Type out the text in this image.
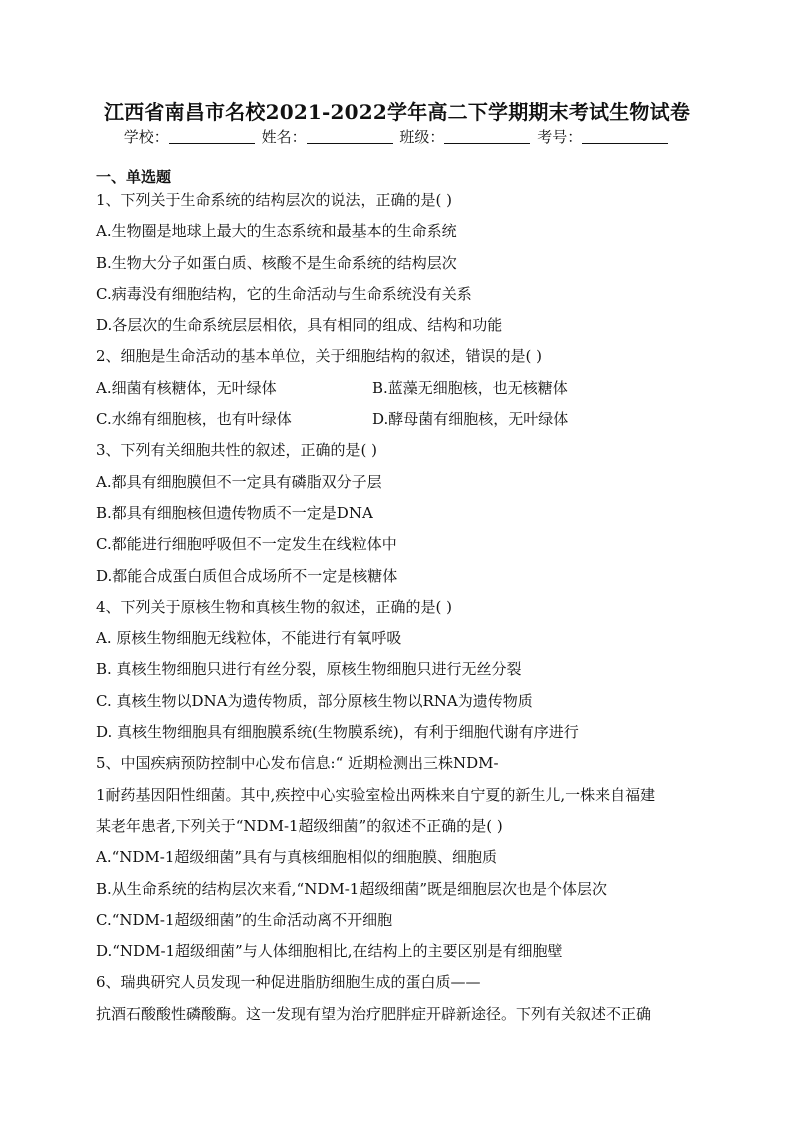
江西省南昌市名校2021-2022学年高二下学期期末考试生物试卷
学校：	姓名：	班级：	考号：
一、单选题
1、下列关于生命系统的结构层次的说法，正确的是( )
A.生物圈是地球上最大的生态系统和最基本的生命系统
B.生物大分子如蛋白质、核酸不是生命系统的结构层次
C.病毒没有细胞结构，它的生命活动与生命系统没有关系
D.各层次的生命系统层层相依，具有相同的组成、结构和功能
2、细胞是生命活动的基本单位，关于细胞结构的叙述，错误的是( )
A.细菌有核糖体，无叶绿体	B.蓝藻无细胞核，也无核糖体
C.水绵有细胞核，也有叶绿体	D.酵母菌有细胞核，无叶绿体
3、下列有关细胞共性的叙述，正确的是( )
A.都具有细胞膜但不一定具有磷脂双分子层
B.都具有细胞核但遗传物质不一定是DNA
C.都能进行细胞呼吸但不一定发生在线粒体中
D.都能合成蛋白质但合成场所不一定是核糖体
4、下列关于原核生物和真核生物的叙述，正确的是( )
A. 原核生物细胞无线粒体，不能进行有氧呼吸
B. 真核生物细胞只进行有丝分裂，原核生物细胞只进行无丝分裂
C. 真核生物以DNA为遗传物质，部分原核生物以RNA为遗传物质
D. 真核生物细胞具有细胞膜系统(生物膜系统)，有利于细胞代谢有序进行
5、中国疾病预防控制中心发布信息:“ 近期检测出三株NDM-
1耐药基因阳性细菌。其中,疾控中心实验室检出两株来自宁夏的新生儿,一株来自福建
某老年患者,下列关于“NDM-1超级细菌”的叙述不正确的是( )
A.“NDM-1超级细菌”具有与真核细胞相似的细胞膜、细胞质
B.从生命系统的结构层次来看,“NDM-1超级细菌”既是细胞层次也是个体层次
C.“NDM-1超级细菌”的生命活动离不开细胞
D.“NDM-1超级细菌”与人体细胞相比,在结构上的主要区别是有细胞壁
6、瑞典研究人员发现一种促进脂肪细胞生成的蛋白质——
抗酒石酸酸性磷酸酶。这一发现有望为治疗肥胖症开辟新途径。下列有关叙述不正确
